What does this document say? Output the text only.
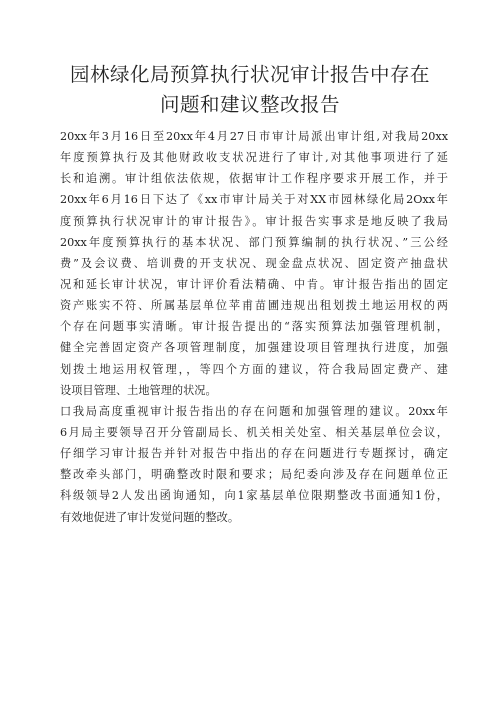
园林绿化局预算执行状况审计报告中存在
问题和建议整改报告
20xx年3月16日至20xx年4月27日市审计局派出审计组,对我局20xx
年度预算执行及其他财政收支状况进行了审计,对其他事项进行了延
长和追溯。审计组依法依规，依据审计工作程序要求开展工作，并于
20xx年6月16日下达了《xx市审计局关于对XX市园林绿化局2Oxx年
度预算执行状况审计的审计报告》。审计报告实事求是地反映了我局
20xx年度预算执行的基本状况、部门预算编制的执行状况、”三公经
费”及会议费、培训费的开支状况、现金盘点状况、固定资产抽盘状
况和延长审计状况，审计评价看法精确、中肯。审计报告指出的固定
资产账实不符、所属基层单位苹甫苗圃违规出租划拨土地运用权的两
个存在问题事实清晰。审计报告提出的“落实预算法加强管理机制，
健全完善固定资产各项管理制度，加强建设项目管理执行进度，加强
划拨土地运用权管理，，等四个方面的建议，符合我局固定费产、建
设项目管理、土地管理的状况。
口我局高度重视审计报告指出的存在问题和加强管理的建议。20xx年
6月局主要领导召开分管副局长、机关相关处室、相关基层单位会议，
仔细学习审计报告并针对报告中指出的存在问题进行专题探讨，确定
整改牵头部门，明确整改时限和要求；局纪委向涉及存在问题单位正
科级领导2人发出函询通知，向1家基层单位限期整改书面通知1份，
有效地促进了审计发觉问题的整改。
